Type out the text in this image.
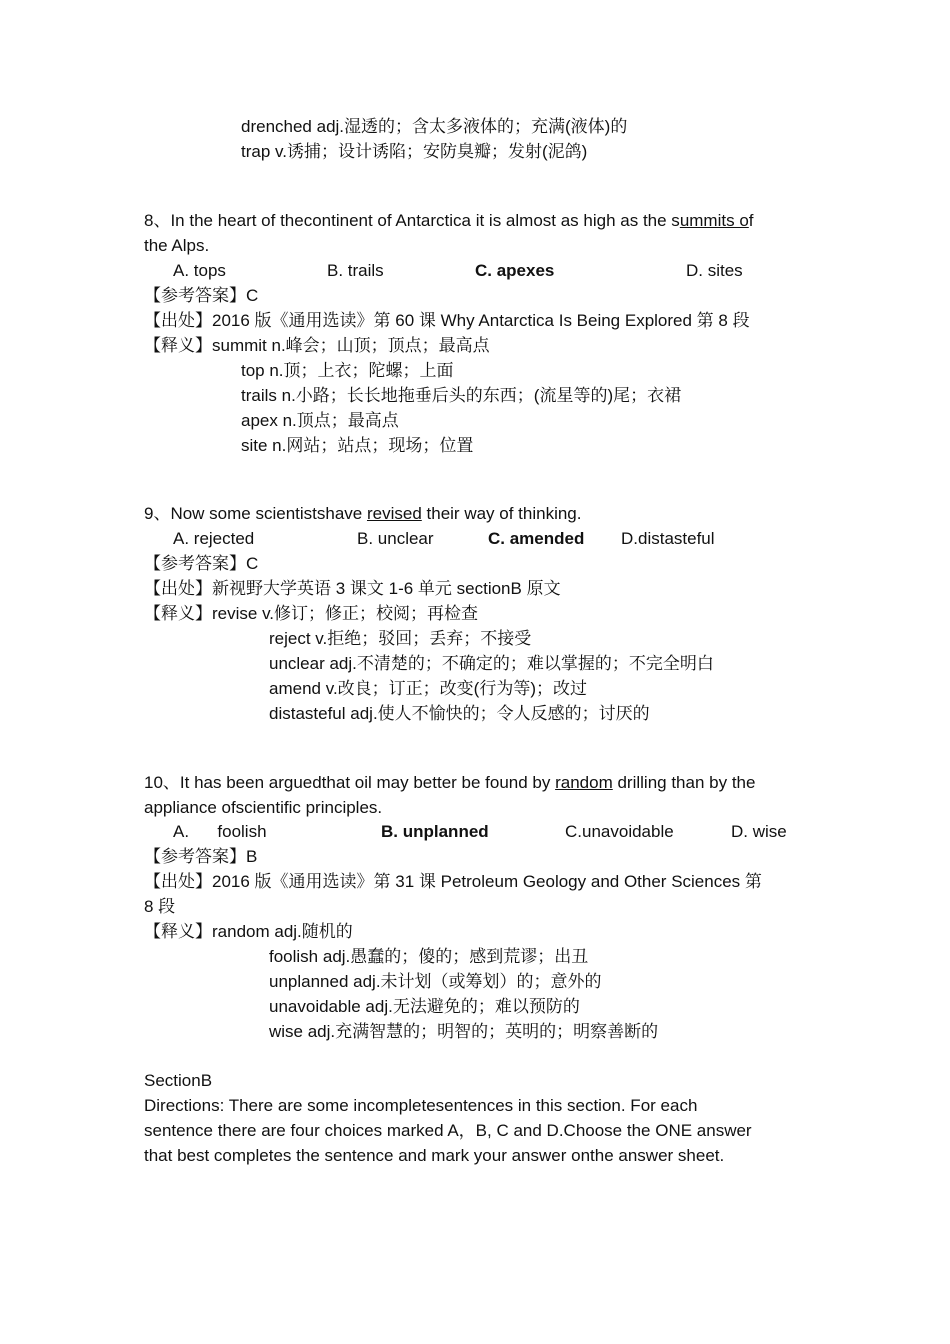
drenched adj.湿透的；含太多液体的；充满(液体)的
trap v.诱捕；设计诱陷；安防臭瓣；发射(泥鸽)
8、In the heart of thecontinent of Antarctica it is almost as high as the summits of
the Alps.
A. tops	B. trails	C. apexes	D. sites
【参考答案】C
【出处】2016 版《通用选读》第 60 课 Why Antarctica Is Being Explored 第 8 段
【释义】summit n.峰会；山顶；顶点；最高点
top n.顶；上衣；陀螺；上面
trails n.小路；长长地拖垂后头的东西；(流星等的)尾；衣裙
apex n.顶点；最高点
site n.网站；站点；现场；位置
9、Now some scientistshave revised their way of thinking.
A. rejected	B. unclear	C. amended D.distasteful
【参考答案】C
【出处】新视野大学英语 3 课文 1-6 单元 sectionB 原文
【释义】revise v.修订；修正；校阅；再检查
reject v.拒绝；驳回；丢弃；不接受
unclear adj.不清楚的；不确定的；难以掌握的；不完全明白
amend v.改良；订正；改变(行为等)；改过
distasteful adj.使人不愉快的；令人反感的；讨厌的
10、It has been arguedthat oil may better be found by random drilling than by the
appliance ofscientific principles.
A.      foolish	B. unplanned	C.unavoidable	D. wise
【参考答案】B
【出处】2016 版《通用选读》第 31 课 Petroleum Geology and Other Sciences 第
8 段
【释义】random adj.随机的
foolish adj.愚蠢的；傻的；感到荒谬；出丑
unplanned adj.未计划（或筹划）的；意外的
unavoidable adj.无法避免的；难以预防的
wise adj.充满智慧的；明智的；英明的；明察善断的
SectionB
Directions: There are some incompletesentences in this section. For each
sentence there are four choices marked A，B, C and D.Choose the ONE answer
that best completes the sentence and mark your answer onthe answer sheet.
